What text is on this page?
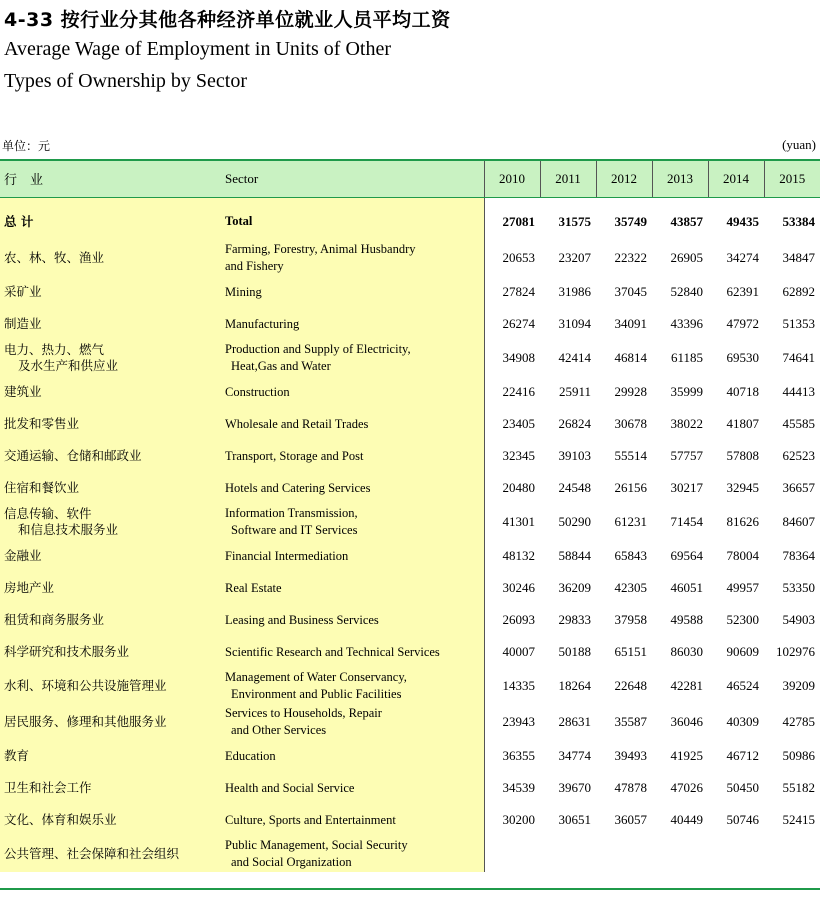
4-33 按行业分其他各种经济单位就业人员平均工资
Average Wage of Employment in Units of Other
Types of Ownership by Sector
单位：元	(yuan)
行　业	Sector	2010	2011	2012	2013	2014	2015
总 计	Total	27081	31575	35749	43857	49435	53384
农、林、牧、渔业	Farming, Forestry, Animal Husbandry
and Fishery	20653	23207	22322	26905	34274	34847
采矿业	Mining	27824	31986	37045	52840	62391	62892
制造业	Manufacturing	26274	31094	34091	43396	47972	51353
电力、热力、燃气
及水生产和供应业	Production and Supply of Electricity,
Heat,Gas and Water	34908	42414	46814	61185	69530	74641
建筑业	Construction	22416	25911	29928	35999	40718	44413
批发和零售业	Wholesale and Retail Trades	23405	26824	30678	38022	41807	45585
交通运输、仓储和邮政业	Transport, Storage and Post	32345	39103	55514	57757	57808	62523
住宿和餐饮业	Hotels and Catering Services	20480	24548	26156	30217	32945	36657
信息传输、软件
和信息技术服务业	Information Transmission,
Software and IT Services	41301	50290	61231	71454	81626	84607
金融业	Financial Intermediation	48132	58844	65843	69564	78004	78364
房地产业	Real Estate	30246	36209	42305	46051	49957	53350
租赁和商务服务业	Leasing and Business Services	26093	29833	37958	49588	52300	54903
科学研究和技术服务业	Scientific Research and Technical Services	40007	50188	65151	86030	90609	102976
水利、环境和公共设施管理业	Management of Water Conservancy,
Environment and Public Facilities	14335	18264	22648	42281	46524	39209
居民服务、修理和其他服务业	Services to Households, Repair
and Other Services	23943	28631	35587	36046	40309	42785
教育	Education	36355	34774	39493	41925	46712	50986
卫生和社会工作	Health and Social Service	34539	39670	47878	47026	50450	55182
文化、体育和娱乐业	Culture, Sports and Entertainment	30200	30651	36057	40449	50746	52415
公共管理、社会保障和社会组织	Public Management, Social Security
and Social Organization						
